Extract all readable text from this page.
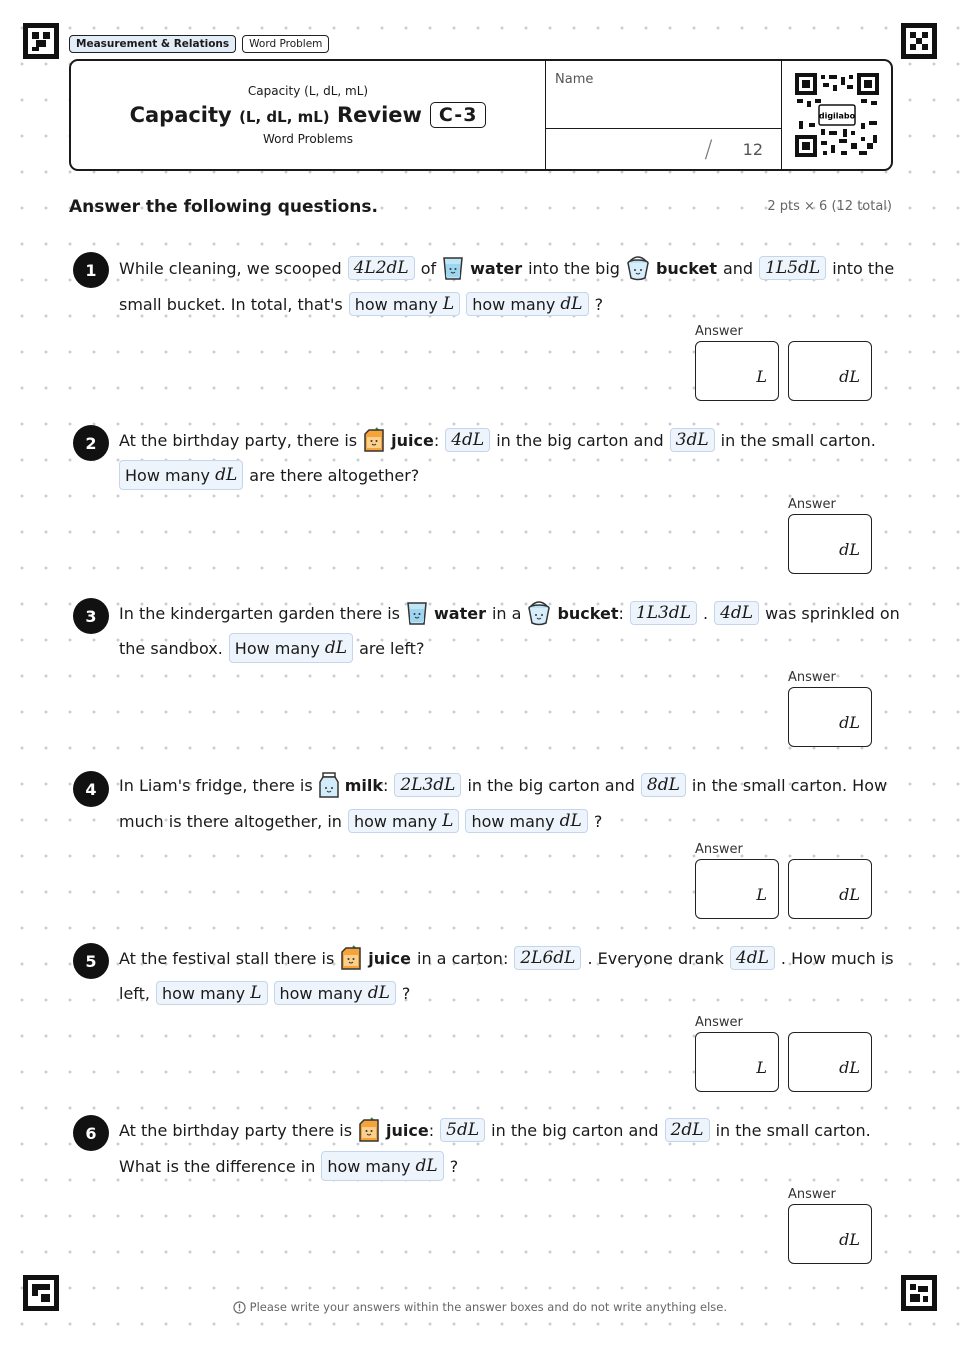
Measurement & Relations	Word Problem
Capacity (L, dL, mL)
Capacity (L, dL, mL) Review C-3
Word Problems
Name
/ 12
digilabo
Answer the following questions.	2 pts × 6 (12 total)
1	While cleaning, we scooped 4L2dL of water into the big bucket and 1L5dL into the
small bucket. In total, that's how many
L how many
dL ?
Answer
L	dL
2	At the birthday party, there is juice: 4dL in the big carton and 3dL in the small carton.
How many
dL are there altogether?
Answer
dL
3	In the kindergarten garden there is water in a bucket: 1L3dL . 4dL was sprinkled on
the sandbox. How many
dL are left?
Answer
dL
4	In Liam's fridge, there is milk: 2L3dL in the big carton and 8dL in the small carton. How
much is there altogether, in how many
L how many
dL ?
Answer
L	dL
5	At the festival stall there is juice in a carton: 2L6dL . Everyone drank 4dL . How much is
left, how many
L how many
dL ?
Answer
L	dL
6	At the birthday party there is juice: 5dL in the big carton and 2dL in the small carton.
What is the difference in how many
dL ?
Answer
dL
Please write your answers within the answer boxes and do not write anything else.
